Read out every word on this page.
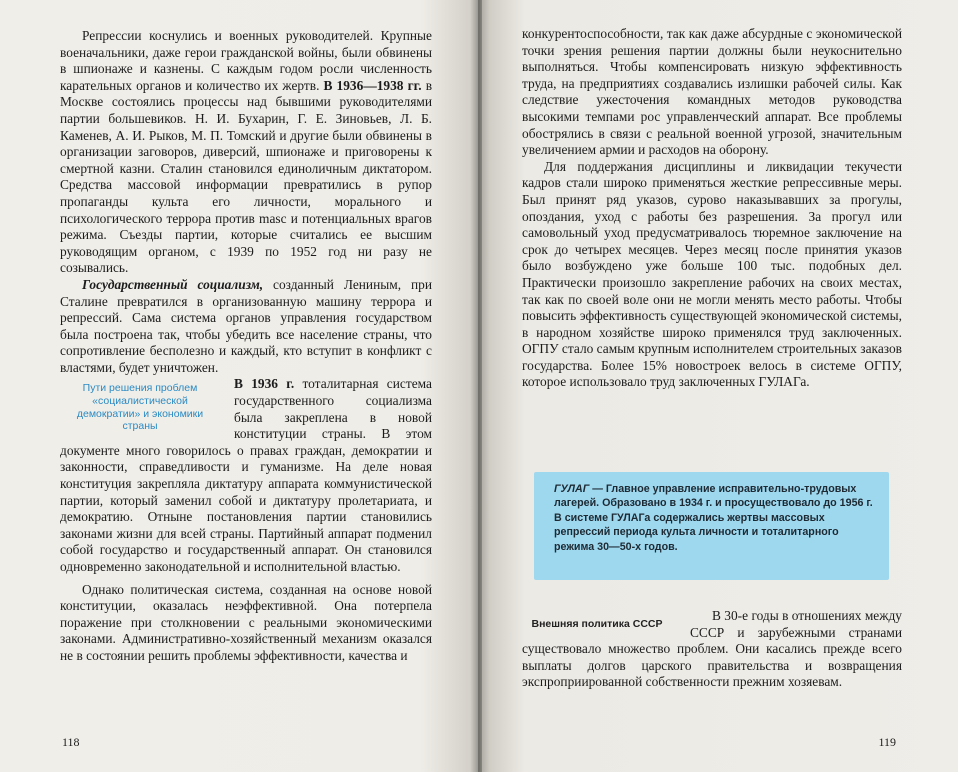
Репрессии коснулись и военных руководителей. Крупные военачальники, даже герои гражданской войны, были обвинены в шпионаже и казнены. С каждым годом росли численность карательных органов и количество их жертв. В 1936—1938 гг. в Москве состоялись процессы над бывшими руководителями партии большевиков. Н. И. Бухарин, Г. Е. Зиновьев, Л. Б. Каменев, А. И. Рыков, М. П. Томский и другие были обвинены в организации заговоров, диверсий, шпионаже и приговорены к смертной казни. Сталин становился единоличным диктатором. Средства массовой информации превратились в рупор пропаганды культа его личности, морального и психологического террора против masс и потенциальных врагов режима. Съезды партии, которые считались ее высшим руководящим органом, с 1939 по 1952 год ни разу не созывались.

Государственный социализм, созданный Лениным, при Сталине превратился в организованную машину террора и репрессий. Сама система органов управления государством была построена так, чтобы убедить все население страны, что сопротивление бесполезно и каждый, кто вступит в конфликт с властями, будет уничтожен.

Пути решения проблем «социалистической демократии» и экономики страны

В 1936 г. тоталитарная система государственного социализма была закреплена в новой конституции страны. В этом документе много говорилось о правах граждан, демократии и законности, справедливости и гуманизме. На деле новая конституция закрепляла диктатуру аппарата коммунистической партии, который заменил собой и диктатуру пролетариата, и демократию. Отныне постановления партии становились законами жизни для всей страны. Партийный аппарат подменил собой государство и государственный аппарат. Он становился одновременно законодательной и исполнительной властью.

Однако политическая система, созданная на основе новой конституции, оказалась неэффективной. Она потерпела поражение при столкновении с реальными экономическими законами. Административно-хозяйственный механизм оказался не в состоянии решить проблемы эффективности, качества и

118

конкурентоспособности, так как даже абсурдные с экономической точки зрения решения партии должны были неукоснительно выполняться. Чтобы компенсировать низкую эффективность труда, на предприятиях создавались излишки рабочей силы. Как следствие ужесточения командных методов руководства высокими темпами рос управленческий аппарат. Все проблемы обострялись в связи с реальной военной угрозой, значительным увеличением армии и расходов на оборону.

Для поддержания дисциплины и ликвидации текучести кадров стали широко применяться жесткие репрессивные меры. Был принят ряд указов, сурово наказывавших за прогулы, опоздания, уход с работы без разрешения. За прогул или самовольный уход предусматривалось тюремное заключение на срок до четырех месяцев. Через месяц после принятия указов было возбуждено уже больше 100 тыс. подобных дел. Практически произошло закрепление рабочих на своих местах, так как по своей воле они не могли менять место работы. Чтобы повысить эффективность существующей экономической системы, в народном хозяйстве широко применялся труд заключенных. ОГПУ стало самым крупным исполнителем строительных заказов государства. Более 15% новостроек велось в системе ОГПУ, которое использовало труд заключенных ГУЛАГа.

ГУЛАГ — Главное управление исправительно-трудовых лагерей. Образовано в 1934 г. и просуществовало до 1956 г. В системе ГУЛАГа содержались жертвы массовых репрессий периода культа личности и тоталитарного режима 30—50-х годов.
Внешняя политика СССР

В 30-е годы в отношениях между СССР и зарубежными странами существовало множество проблем. Они касались прежде всего выплаты долгов царского правительства и возвращения экспроприированной собственности прежним хозяевам.

119
